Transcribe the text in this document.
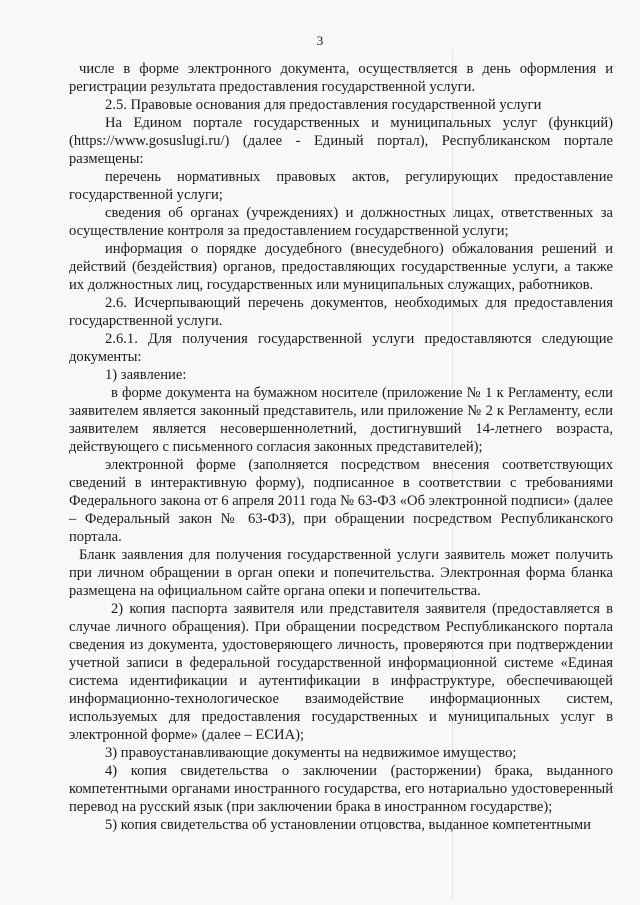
3

числе в форме электронного документа, осуществляется в день оформления и регистрации результата предоставления государственной услуги.

2.5. Правовые основания для предоставления государственной услуги

На Едином портале государственных и муниципальных услуг (функций) (https://www.gosuslugi.ru/) (далее - Единый портал), Республиканском портале размещены:

перечень нормативных правовых актов, регулирующих предоставление государственной услуги;

сведения об органах (учреждениях) и должностных лицах, ответственных за осуществление контроля за предоставлением государственной услуги;

информация о порядке досудебного (внесудебного) обжалования решений и действий (бездействия) органов, предоставляющих государственные услуги, а также их должностных лиц, государственных или муниципальных служащих, работников.

2.6. Исчерпывающий перечень документов, необходимых для предоставления государственной услуги.

2.6.1. Для получения государственной услуги предоставляются следующие документы:

1) заявление:

в форме документа на бумажном носителе (приложение № 1 к Регламенту, если заявителем является законный представитель, или приложение № 2 к Регламенту, если заявителем является несовершеннолетний, достигнувший 14-летнего возраста, действующего с письменного согласия законных представителей);

электронной форме (заполняется посредством внесения соответствующих сведений в интерактивную форму), подписанное в соответствии с требованиями Федерального закона от 6 апреля 2011 года № 63-ФЗ «Об электронной подписи» (далее – Федеральный закон № 63-ФЗ), при обращении посредством Республиканского портала.

Бланк заявления для получения государственной услуги заявитель может получить при личном обращении в орган опеки и попечительства. Электронная форма бланка размещена на официальном сайте органа опеки и попечительства.

2) копия паспорта заявителя или представителя заявителя (предоставляется в случае личного обращения). При обращении посредством Республиканского портала сведения из документа, удостоверяющего личность, проверяются при подтверждении учетной записи в федеральной государственной информационной системе «Единая система идентификации и аутентификации в инфраструктуре, обеспечивающей информационно-технологическое взаимодействие информационных систем, используемых для предоставления государственных и муниципальных услуг в электронной форме» (далее – ЕСИА);

3) правоустанавливающие документы на недвижимое имущество;

4) копия свидетельства о заключении (расторжении) брака, выданного компетентными органами иностранного государства, его нотариально удостоверенный перевод на русский язык (при заключении брака в иностранном государстве);

5) копия свидетельства об установлении отцовства, выданное компетентными
